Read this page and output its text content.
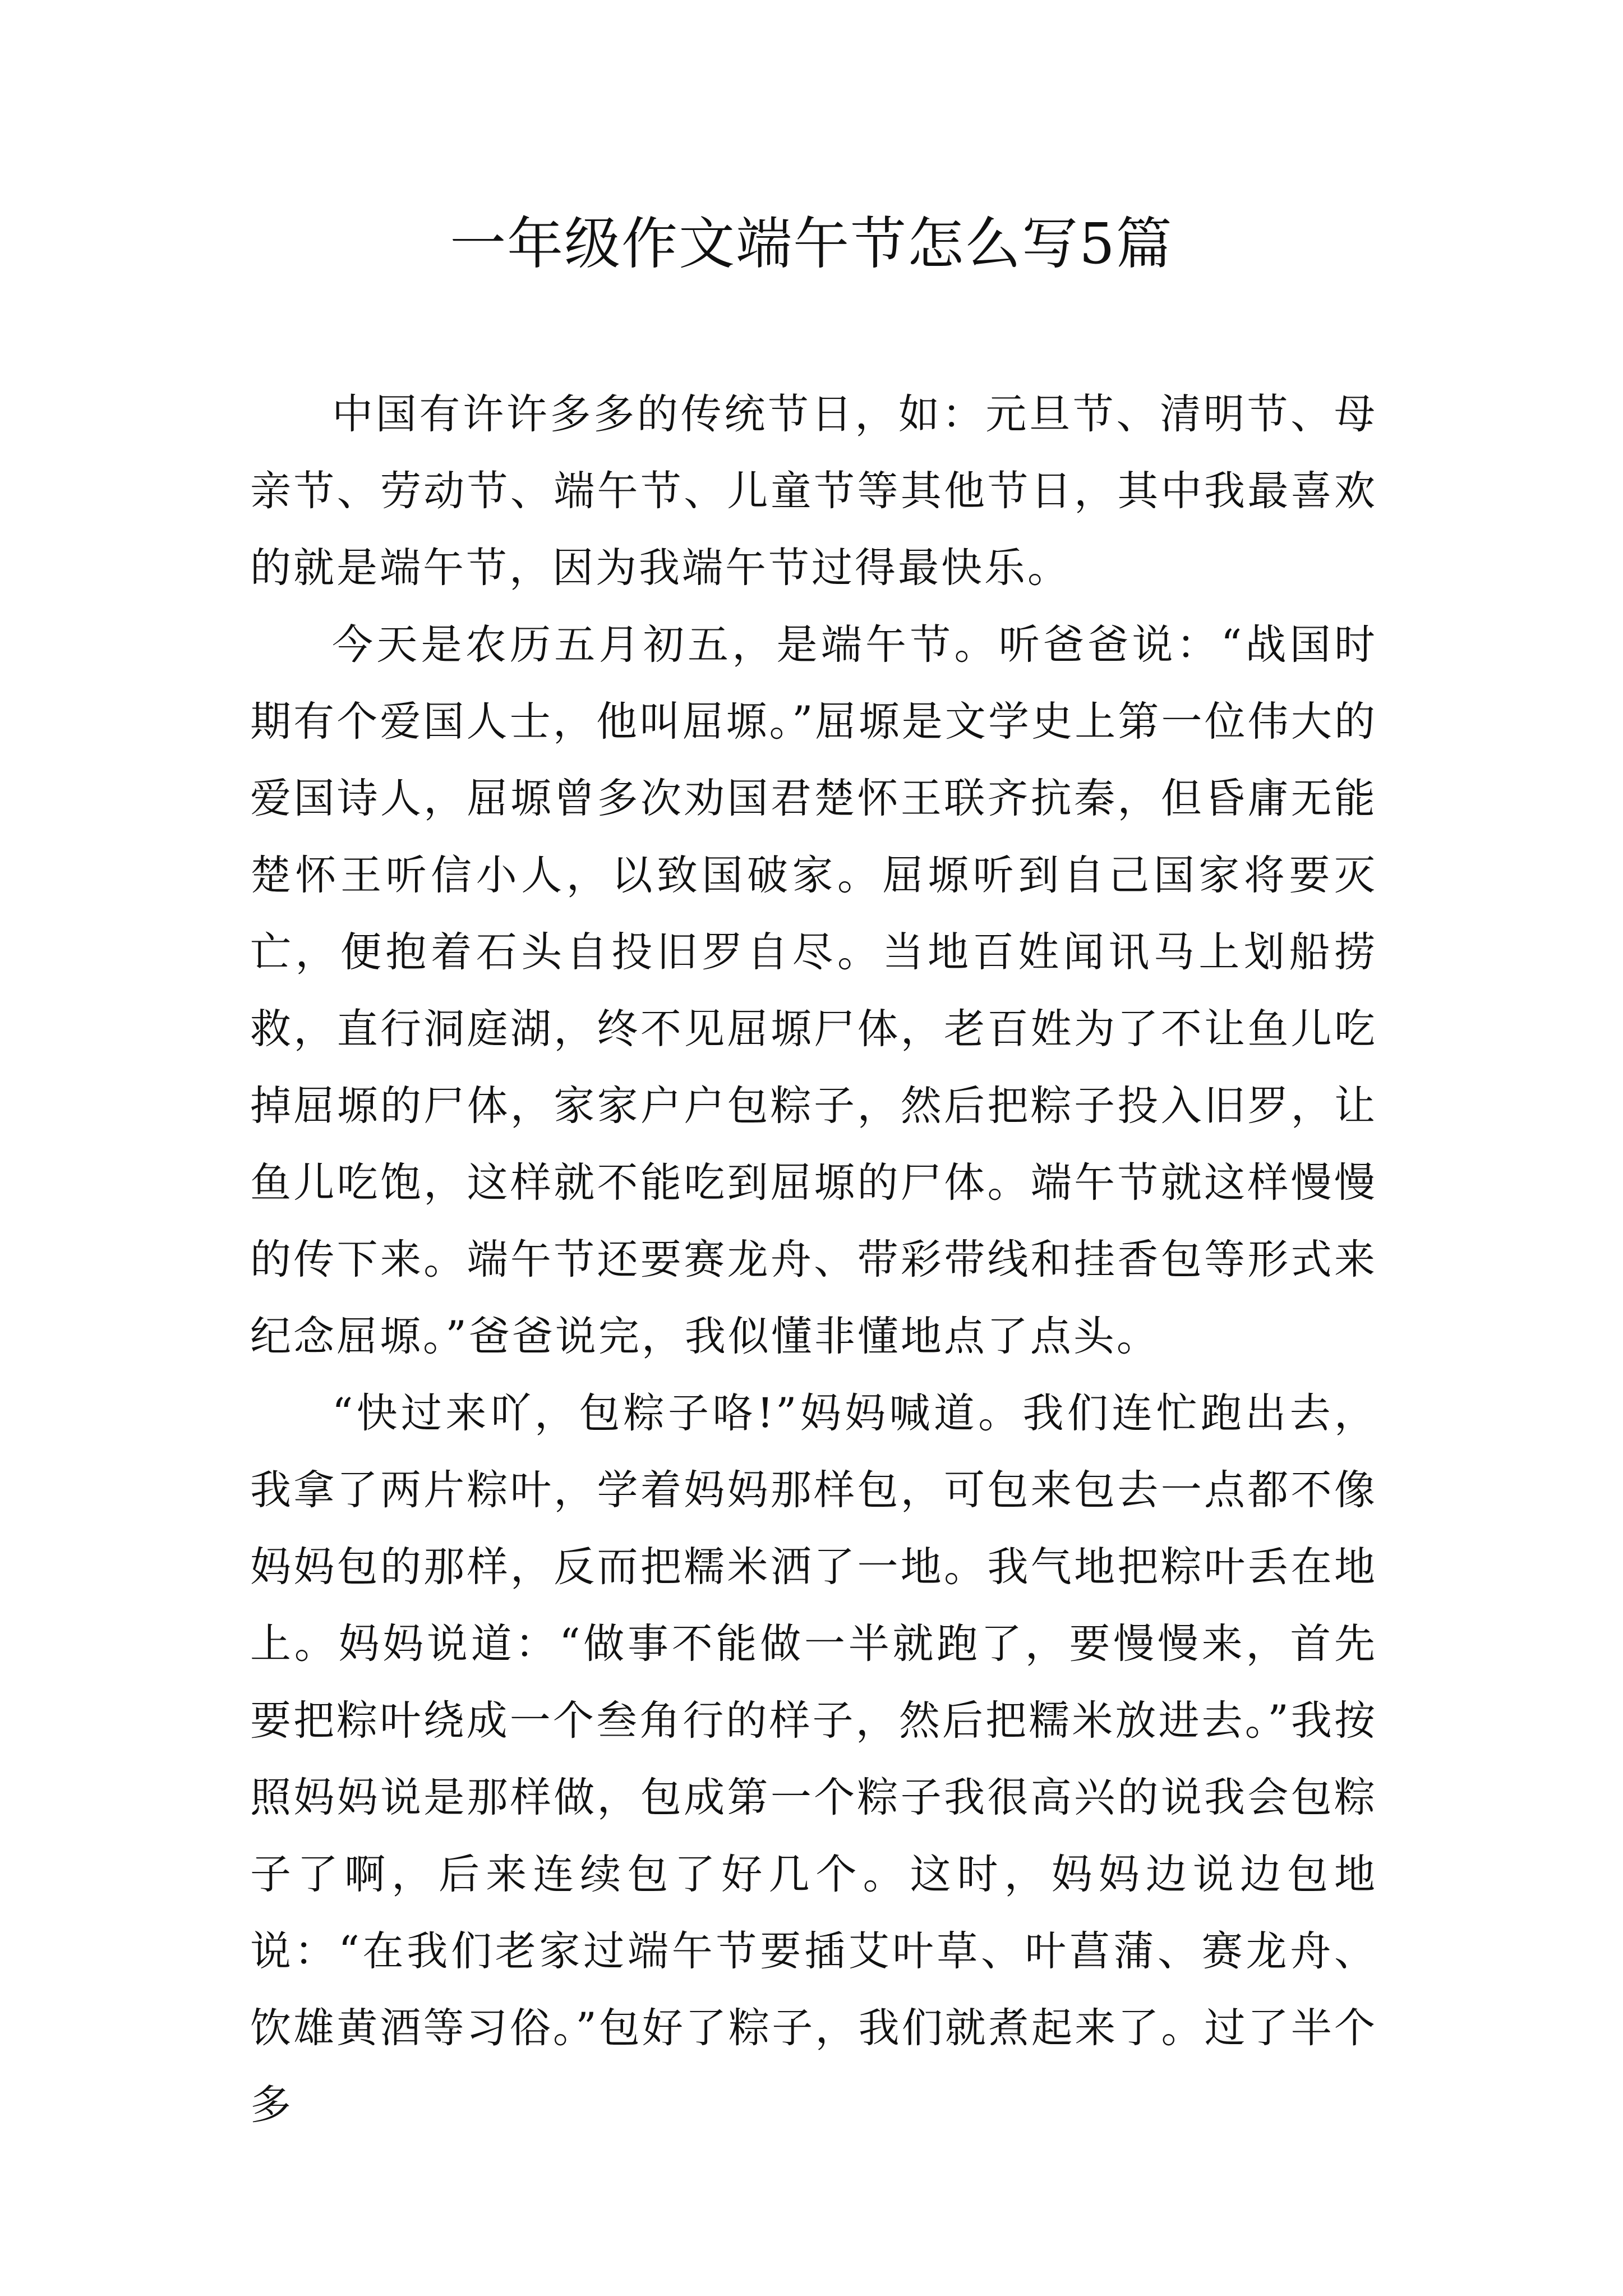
一年级作文端午节怎么写5篇

中国有许许多多的传统节日，如：元旦节、清明节、母亲节、劳动节、端午节、儿童节等其他节日，其中我最喜欢的就是端午节，因为我端午节过得最快乐。

今天是农历五月初五，是端午节。听爸爸说：“战国时期有个爱国人士，他叫屈塬。”屈塬是文学史上第一位伟大的爱国诗人，屈塬曾多次劝国君楚怀王联齐抗秦，但昏庸无能楚怀王听信小人，以致国破家。屈塬听到自己国家将要灭亡，便抱着石头自投旧罗自尽。当地百姓闻讯马上划船捞救，直行洞庭湖，终不见屈塬尸体，老百姓为了不让鱼儿吃掉屈塬的尸体，家家户户包粽子，然后把粽子投入旧罗，让鱼儿吃饱，这样就不能吃到屈塬的尸体。端午节就这样慢慢的传下来。端午节还要赛龙舟、带彩带线和挂香包等形式来纪念屈塬。”爸爸说完，我似懂非懂地点了点头。

“快过来吖，包粽子咯!”妈妈喊道。我们连忙跑出去，我拿了两片粽叶，学着妈妈那样包，可包来包去一点都不像妈妈包的那样，反而把糯米洒了一地。我气地把粽叶丢在地上。妈妈说道：“做事不能做一半就跑了，要慢慢来，首先要把粽叶绕成一个叁角行的样子，然后把糯米放进去。”我按照妈妈说是那样做，包成第一个粽子我很高兴的说我会包粽子了啊，后来连续包了好几个。这时，妈妈边说边包地说：“在我们老家过端午节要插艾叶草、叶菖蒲、赛龙舟、饮雄黄酒等习俗。”包好了粽子，我们就煮起来了。过了半个多
